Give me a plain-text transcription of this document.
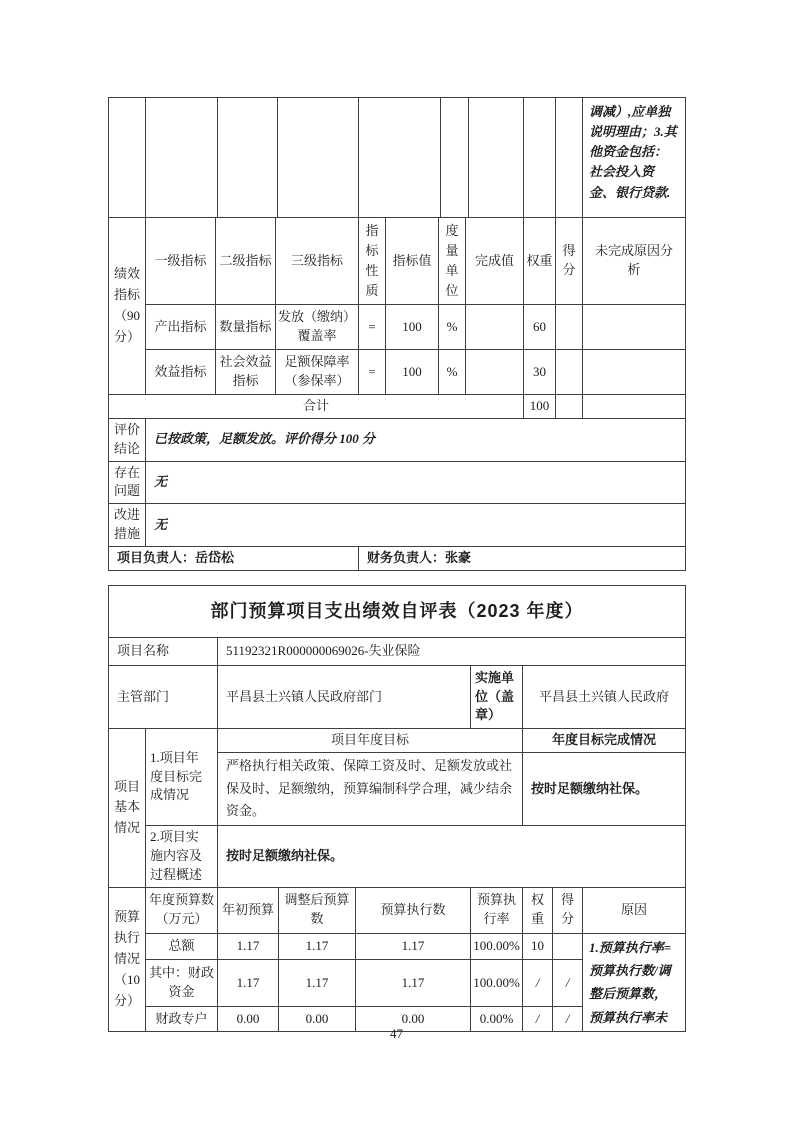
									调减）,应单独说明理由；3.其他资金包括：社会投入资金、银行贷款.
绩效指标（90分）	一级指标	二级指标	三级指标	指标性质	指标值	度量单位	完成值	权重	得分	未完成原因分析
	产出指标	数量指标	发放（缴纳）覆盖率	=	100	%		60		
	效益指标	社会效益指标	足额保障率（参保率）	=	100	%		30		
合计								100		
评价结论	已按政策，足额发放。评价得分 100 分									
存在问题	无									
改进措施	无									
项目负责人：岳岱松				财务负责人：张豪						
部门预算项目支出绩效自评表（2023 年度）								
项目名称		51192321R000000069026-失业保险						
主管部门		平昌县土兴镇人民政府部门			实施单位（盖章）	平昌县土兴镇人民政府		
项目基本情况	1.项目年度目标完成情况	项目年度目标				年度目标完成情况		
		严格执行相关政策、保障工资及时、足额发放或社保及时、足额缴纳，预算编制科学合理，减少结余资金。				按时足额缴纳社保。		
	2.项目实施内容及过程概述	按时足额缴纳社保。						
预算执行情况（10分）	年度预算数（万元）	年初预算	调整后预算数	预算执行数	预算执行率	权重	得分	原因
	总额	1.17	1.17	1.17	100.00%	10		1.预算执行率=预算执行数/调整后预算数，预算执行率未
	其中：财政资金	1.17	1.17	1.17	100.00%	/	/	
	财政专户	0.00	0.00	0.00	0.00%	/	/	
47
